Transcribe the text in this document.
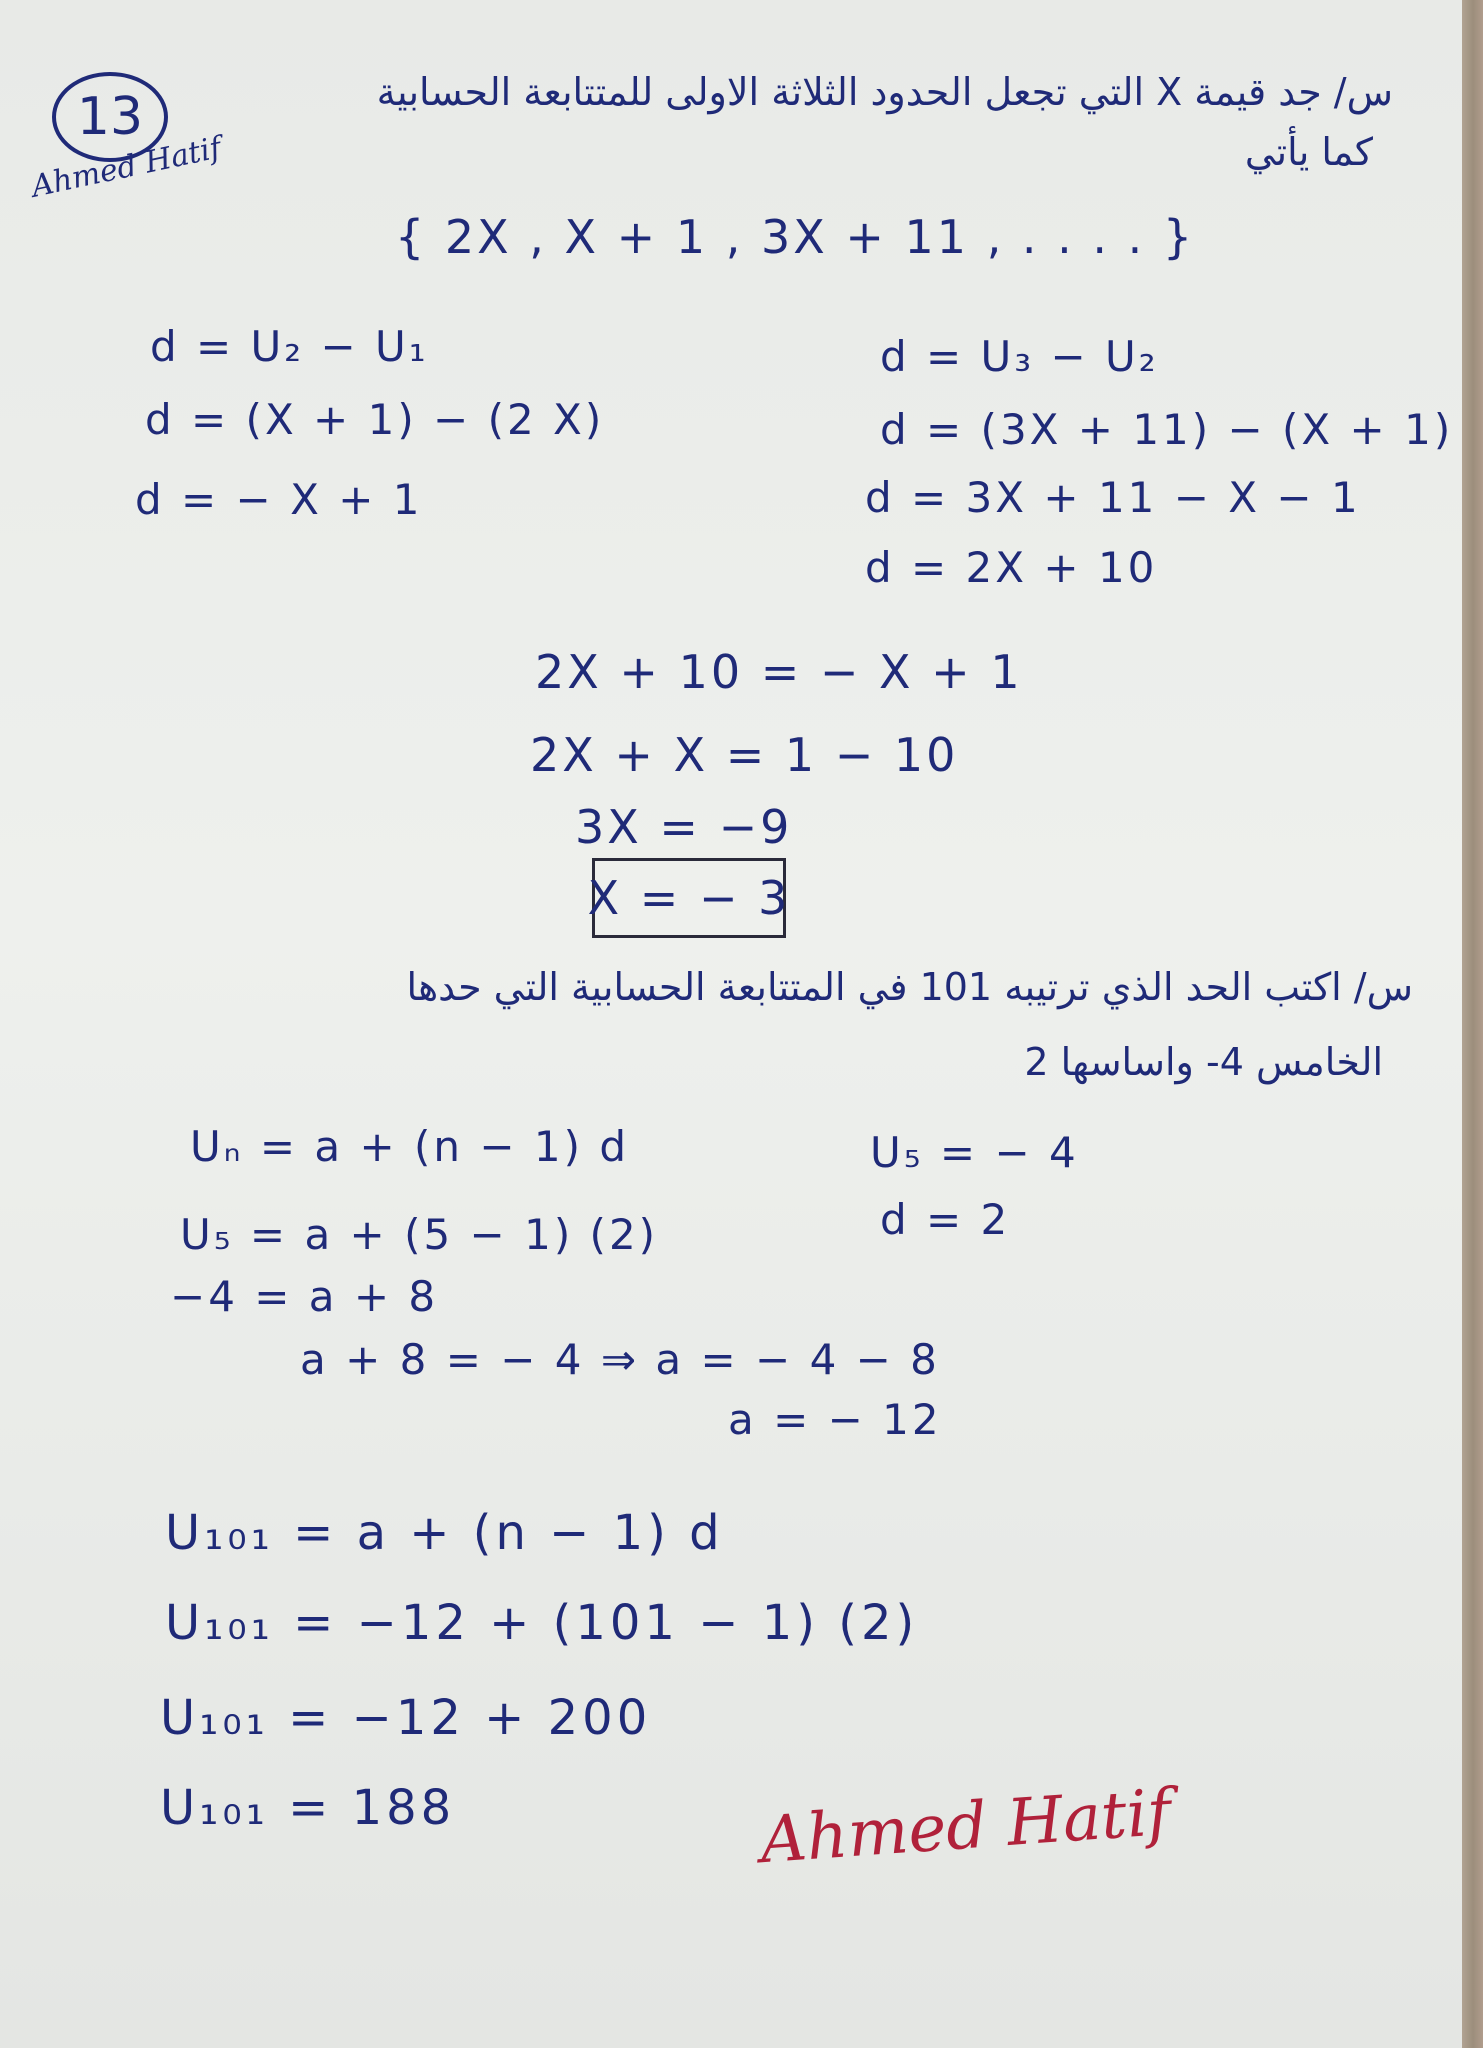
13
Ahmed Hatif
س/ جد قيمة X التي تجعل الحدود الثلاثة الاولى للمتتابعة الحسابية
كما يأتي
{ 2X , X + 1 , 3X + 11 , . . . . }
d = U₂ − U₁
d = (X + 1) − (2 X)
d = − X + 1
d = U₃ − U₂
d = (3X + 11) − (X + 1)
d = 3X + 11 − X − 1
d = 2X + 10
2X + 10 = − X + 1
2X + X = 1 − 10
3X = −9
X = − 3
س/ اكتب الحد الذي ترتيبه 101 في المتتابعة الحسابية التي حدها
الخامس 4- واساسها 2
U₅ = − 4
d = 2
Uₙ = a + (n − 1) d
U₅ = a + (5 − 1) (2)
−4 = a + 8
a + 8 = − 4 ⇒ a = − 4 − 8
a = − 12
U₁₀₁ = a + (n − 1) d
U₁₀₁ = −12 + (101 − 1) (2)
U₁₀₁ = −12 + 200
U₁₀₁ = 188	Ahmed Hatif
